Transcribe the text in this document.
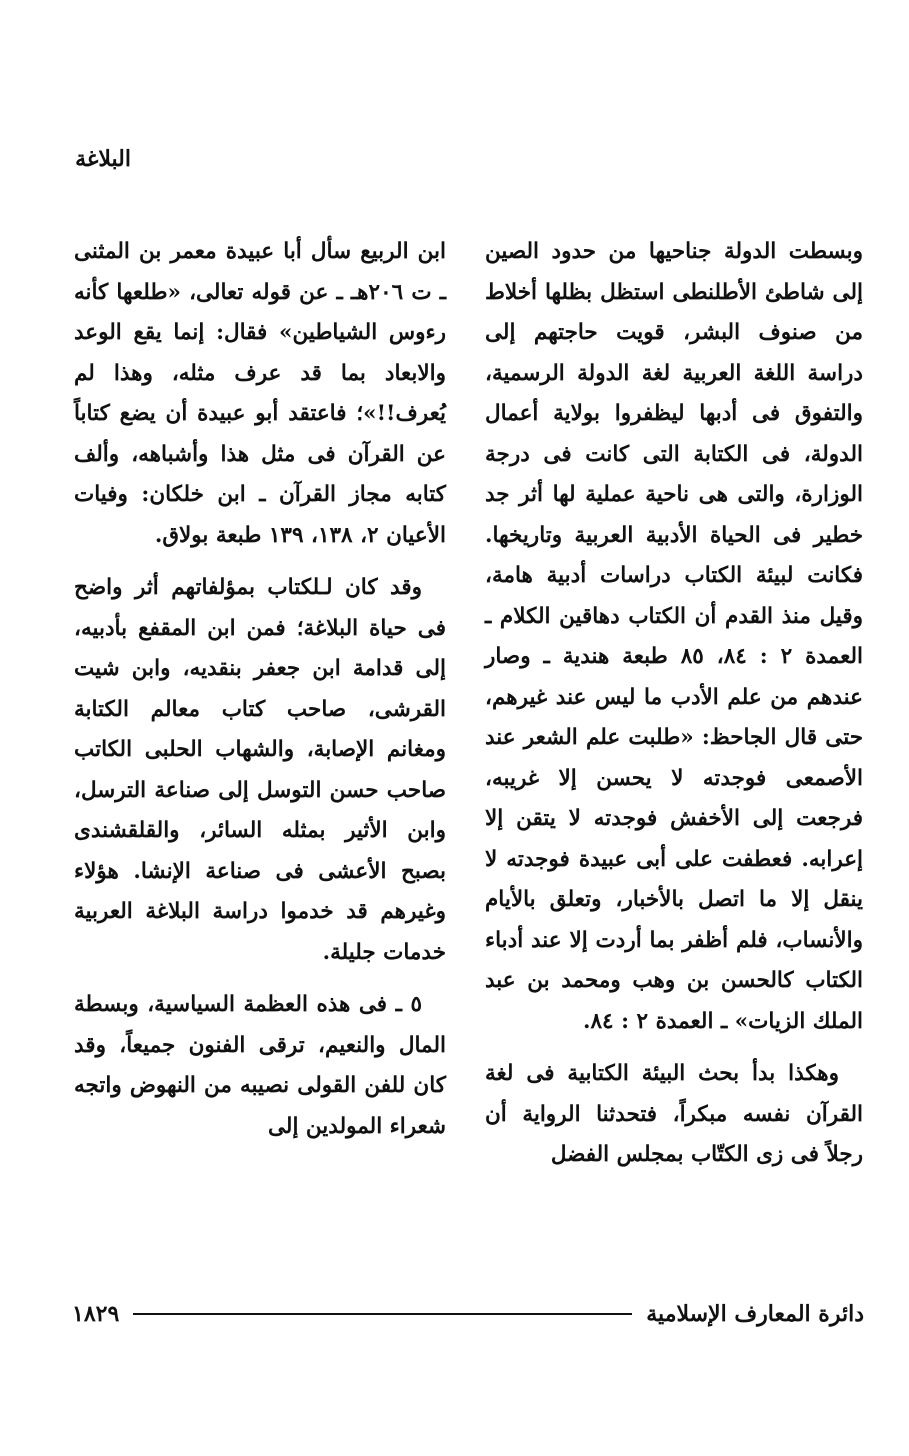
البلاغة

وبسطت الدولة جناحيها من حدود الصين إلى شاطئ الأطلنطى استظل بظلها أخلاط من صنوف البشر، قويت حاجتهم إلى دراسة اللغة العربية لغة الدولة الرسمية، والتفوق فى أدبها ليظفروا بولاية أعمال الدولة، فى الكتابة التى كانت فى درجة الوزارة، والتى هى ناحية عملية لها أثر جد خطير فى الحياة الأدبية العربية وتاريخها. فكانت لبيئة الكتاب دراسات أدبية هامة، وقيل منذ القدم أن الكتاب دهاقين الكلام ـ العمدة ٢ : ٨٤، ٨٥ طبعة هندية ـ وصار عندهم من علم الأدب ما ليس عند غيرهم، حتى قال الجاحظ: «طلبت علم الشعر عند الأصمعى فوجدته لا يحسن إلا غريبه، فرجعت إلى الأخفش فوجدته لا يتقن إلا إعرابه. فعطفت على أبى عبيدة فوجدته لا ينقل إلا ما اتصل بالأخبار، وتعلق بالأيام والأنساب، فلم أظفر بما أردت إلا عند أدباء الكتاب كالحسن بن وهب ومحمد بن عبد الملك الزيات» ـ العمدة ٢ : ٨٤.

وهكذا بدأ بحث البيئة الكتابية فى لغة القرآن نفسه مبكراً، فتحدثنا الرواية أن رجلاً فى زى الكتّاب بمجلس الفضل

ابن الربيع سأل أبا عبيدة معمر بن المثنى ـ ت ٢٠٦هـ ـ عن قوله تعالى، «طلعها كأنه رءوس الشياطين» فقال: إنما يقع الوعد والابعاد بما قد عرف مثله، وهذا لم يُعرف!!»؛ فاعتقد أبو عبيدة أن يضع كتاباً عن القرآن فى مثل هذا وأشباهه، وألف كتابه مجاز القرآن ـ ابن خلكان: وفيات الأعيان ٢، ١٣٨، ١٣٩ طبعة بولاق.

وقد كان لـلكتاب بمؤلفاتهم أثر واضح فى حياة البلاغة؛ فمن ابن المقفع بأدبيه، إلى قدامة ابن جعفر بنقديه، وابن شيت القرشى، صاحب كتاب معالم الكتابة ومغانم الإصابة، والشهاب الحلبى الكاتب صاحب حسن التوسل إلى صناعة الترسل، وابن الأثير بمثله السائر، والقلقشندى بصبح الأعشى فى صناعة الإنشا. هؤلاء وغيرهم قد خدموا دراسة البلاغة العربية خدمات جليلة.

٥ ـ فى هذه العظمة السياسية، وبسطة المال والنعيم، ترقى الفنون جميعاً، وقد كان للفن القولى نصيبه من النهوض واتجه شعراء المولدين إلى

دائرة المعارف الإسلامية
١٨٢٩
